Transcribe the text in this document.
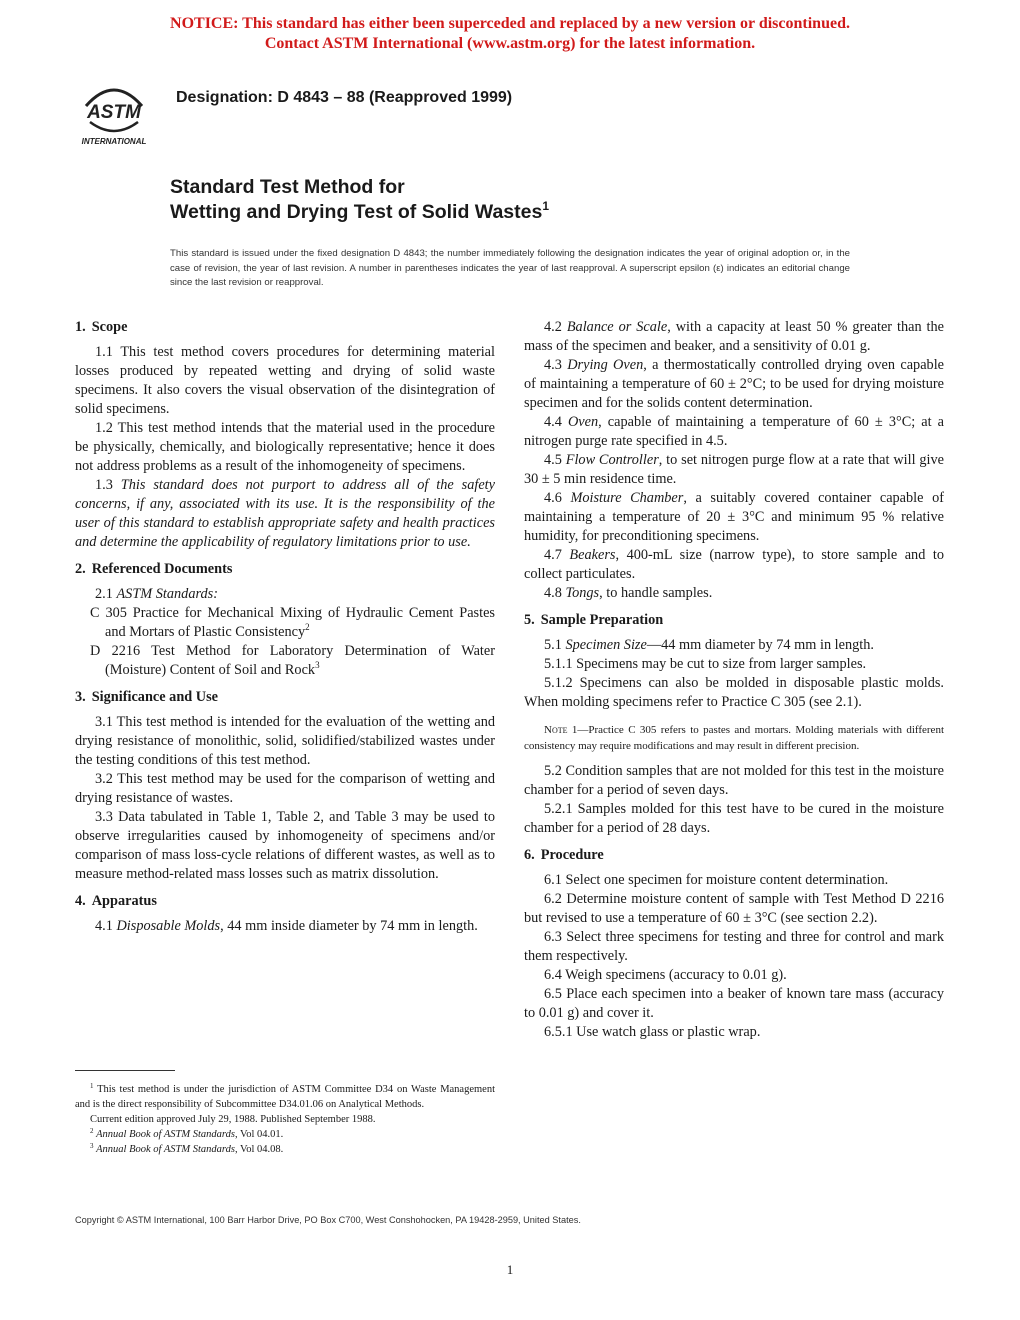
NOTICE: This standard has either been superceded and replaced by a new version or discontinued.
Contact ASTM International (www.astm.org) for the latest information.
ASTM
INTERNATIONAL
Designation: D 4843 – 88 (Reapproved 1999)
Standard Test Method for
Wetting and Drying Test of Solid Wastes$^1$
This standard is issued under the fixed designation D 4843; the number immediately following the designation indicates the year of original adoption or, in the case of revision, the year of last revision. A number in parentheses indicates the year of last reapproval. A superscript epsilon (ε) indicates an editorial change since the last revision or reapproval.
1. Scope

1.1 This test method covers procedures for determining material losses produced by repeated wetting and drying of solid waste specimens. It also covers the visual observation of the disintegration of solid specimens.

1.2 This test method intends that the material used in the procedure be physically, chemically, and biologically representative; hence it does not address problems as a result of the inhomogeneity of specimens.

1.3 This standard does not purport to address all of the safety concerns, if any, associated with its use. It is the responsibility of the user of this standard to establish appropriate safety and health practices and determine the applicability of regulatory limitations prior to use.

2. Referenced Documents

2.1 ASTM Standards:

C 305 Practice for Mechanical Mixing of Hydraulic Cement Pastes and Mortars of Plastic Consistency$^2$

D 2216 Test Method for Laboratory Determination of Water (Moisture) Content of Soil and Rock$^3$

3. Significance and Use

3.1 This test method is intended for the evaluation of the wetting and drying resistance of monolithic, solid, solidified/stabilized wastes under the testing conditions of this test method.

3.2 This test method may be used for the comparison of wetting and drying resistance of wastes.

3.3 Data tabulated in Table 1, Table 2, and Table 3 may be used to observe irregularities caused by inhomogeneity of specimens and/or comparison of mass loss-cycle relations of different wastes, as well as to measure method-related mass losses such as matrix dissolution.

4. Apparatus

4.1 Disposable Molds, 44 mm inside diameter by 74 mm in length.

4.2 Balance or Scale, with a capacity at least 50 % greater than the mass of the specimen and beaker, and a sensitivity of 0.01 g.

4.3 Drying Oven, a thermostatically controlled drying oven capable of maintaining a temperature of 60 ± 2°C; to be used for drying moisture specimen and for the solids content determination.

4.4 Oven, capable of maintaining a temperature of 60 ± 3°C; at a nitrogen purge rate specified in 4.5.

4.5 Flow Controller, to set nitrogen purge flow at a rate that will give 30 ± 5 min residence time.

4.6 Moisture Chamber, a suitably covered container capable of maintaining a temperature of 20 ± 3°C and minimum 95 % relative humidity, for preconditioning specimens.

4.7 Beakers, 400-mL size (narrow type), to store sample and to collect particulates.

4.8 Tongs, to handle samples.

5. Sample Preparation

5.1 Specimen Size—44 mm diameter by 74 mm in length.

5.1.1 Specimens may be cut to size from larger samples.

5.1.2 Specimens can also be molded in disposable plastic molds. When molding specimens refer to Practice C 305 (see 2.1).

Note 1—Practice C 305 refers to pastes and mortars. Molding materials with different consistency may require modifications and may result in different precision.

5.2 Condition samples that are not molded for this test in the moisture chamber for a period of seven days.

5.2.1 Samples molded for this test have to be cured in the moisture chamber for a period of 28 days.

6. Procedure

6.1 Select one specimen for moisture content determination.

6.2 Determine moisture content of sample with Test Method D 2216 but revised to use a temperature of 60 ± 3°C (see section 2.2).

6.3 Select three specimens for testing and three for control and mark them respectively.

6.4 Weigh specimens (accuracy to 0.01 g).

6.5 Place each specimen into a beaker of known tare mass (accuracy to 0.01 g) and cover it.

6.5.1 Use watch glass or plastic wrap.

$^1$ This test method is under the jurisdiction of ASTM Committee D34 on Waste Management and is the direct responsibility of Subcommittee D34.01.06 on Analytical Methods.

Current edition approved July 29, 1988. Published September 1988.

$^2$ Annual Book of ASTM Standards, Vol 04.01.

$^3$ Annual Book of ASTM Standards, Vol 04.08.

Copyright © ASTM International, 100 Barr Harbor Drive, PO Box C700, West Conshohocken, PA 19428-2959, United States.
1
